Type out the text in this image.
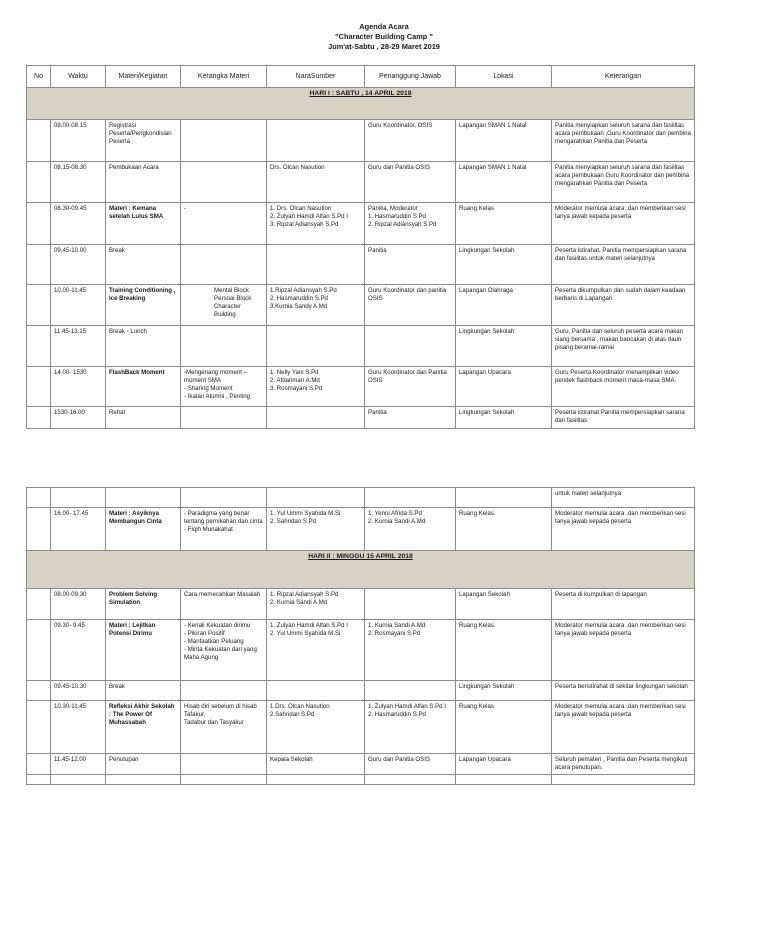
Agenda Acara
"Character Building Camp "
Jum'at-Sabtu , 28-29 Maret 2019
No	Waktu	Materi/Kegiatan	Kerangka Materi	NaraSumber	Penanggung Jawab	Lokasi	Keterangan
HARI I : SABTU , 14 APRIL 2018							
	08.00-08.15	Registrasi Peserta/Pengkondisian Peserta			Guru Koordinator, OSIS	Lapangan SMAN 1 Natal	Panitia menyiapkan seluruh sarana dan fasilitas acara pembukaan ,Guru Koordinator dan pembina mengarahkan Panitia dan Peserta
	08.15-08.30	Pembukaan Acara		Drs. Olcan Nasution	Guru dan Panitia OSIS	Lapangan SMAN 1 Natal	Panitia menyiapkan seluruh sarana dan fasilitas acara pembukaan Guru Koordinator dan pembina mengarahkan Panitia dan Peserta
	08.30-09.45	Materi : Kemana setelah Lulus SMA	-	1. Drs. Olcan Nasution
2. Zulyan Hamdi Alfan S.Pd I
3. Ripzal Adiansyah S.Pd	Panitia, Moderator
1. Hasmaruddin S.Pd
2. Ripzal Adiansyah S.Pd	Ruang Kelas	Moderator memulai acara ,dan memberikan sesi tanya jawab kepada peserta
	09.45-10.00	Break			Panitia	Lingkungan Sekolah	Peserta istirahat, Panitia mempersiapkan sarana dan fasilitas untuk materi selanjutnya
	10.00-11.45	Training Conditioning , Ice Breaking	Mental Block
Persoal Block
Character Building	1.Ripzal Adiansyah S.Pd
2. Hasmaruddin S.Pd
3.Kurnia Sandy A.Md	Guru Koordinator dan panitia OSIS	Lapangan Olahraga	Peserta dikumpulkan dan sudah dalam keadaan berbaris di Lapangan
	11.45-13.15	Break - Lunch				Lingkungan Sekolah	Guru, Panitia dan seluruh peserta acara makan siang bersama , makan bancakan di atas daun pisang beramai-ramai
	14.00- 1530	FlashBack Moment	-Mengenang moment – moment SMA
- Sharing Moment
- Ikatan Alumni , Penting	1. Nelly Yani S.Pd
2. Afdariman A.Md
3. Rosmayani S.Pd	Guru Koordinator dan Panitia OSIS	Lapangan Upacara	Guru Peserta Koordinator menampilkan video pendek flashback moment masa-masa SMA.
	1530-16.00	Rehat			Panitia	Lingkungan Sekolah	Peserta istirahat Panitia mempersiapkan sarana dan fasilitas
							untuk materi selanjutnya
	16.00- 17.45	Materi : Asyiknya Membangun Cinta	- Paradigma yang benar tentang pernikahan dan cinta
- Fiqih Munakahat	1. Yul Ummi Syahida M.Si
2. Sahridan S.Pd	1. Yenni Afrida S.Pd
2. Kurnia Sandi A.Md	Ruang Kelas	Moderator memulai acara ,dan memberikan sesi tanya jawab kepada peserta
HARI II : MINGGU 15 APRIL 2018							
	08.00-09.30	Problem Solving Simulation	Cara memecahkan Masalah	1. Ripzal Adiansyah S.Pd
2. Kurnia Sandi A.Md		Lapangan Sekolah	Peserta di kumpulkan di lapangan
	09.30- 9.45	Materi : Lejitkan Potensi Dirimu	- Kenali Kekuatan dirimu
- Pikiran Positif
- Manfaatkan Peluang
- Minta Kekuatan dari yang Maha Agung	1. Zulyan Hamdi Alfan S.Pd I
2. Yul Ummi Syahida M.Si	1. Kurnia Sandi A.Md
2. Rosmayani S.Pd	Ruang Kelas	Moderator memulai acara ,dan memberikan sesi tanya jawab kepada peserta
	09.45-10.30	Break				Lingkungan Sekolah	Peserta beristirahat di sekitar lingkungan sekolah
	10.30-11.45	Refleksi Akhir Sekolah : The Power Of Muhassabah	Hisab diri sebelum di hisab
Tafakur,
Tadabur dan Tasyakur	1.Drs. Olcan Nasution
2.Sahridan S.Pd	1. Zulyan Hamdi Alfan S.Pd I
2. Hasmaruddin S.Pd	Ruang Kelas	Moderator memulai acara ,dan memberikan sesi tanya jawab kepada peserta
	11.45-12.00	Penutupan		Kepala Sekolah	Guru dan Panitia OSIS	Lapangan Upacara	Seluruh pemateri , Panitia dan Peserta mengikuti acara penutupan.
